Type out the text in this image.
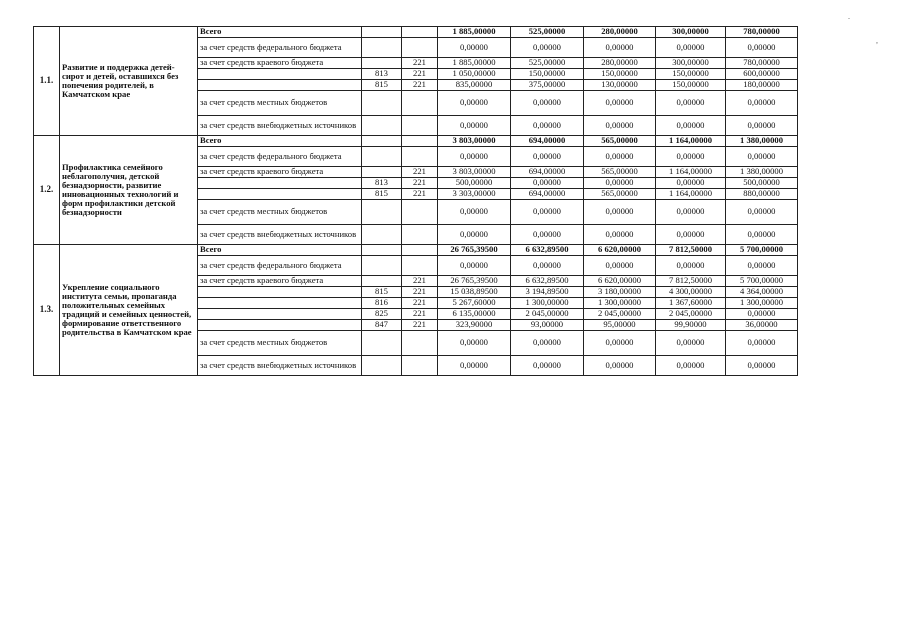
1.1.	Развитие и поддержка детей-сирот и детей, оставшихся без попечения родителей, в Камчатском крае	Всего			1 885,00000	525,00000	280,00000	300,00000	780,00000
		за счет средств федерального бюджета			0,00000	0,00000	0,00000	0,00000	0,00000
		за счет средств краевого бюджета		221	1 885,00000	525,00000	280,00000	300,00000	780,00000
			813	221	1 050,00000	150,00000	150,00000	150,00000	600,00000
			815	221	835,00000	375,00000	130,00000	150,00000	180,00000
		за счет средств местных бюджетов			0,00000	0,00000	0,00000	0,00000	0,00000
		за счет средств внебюджетных источников			0,00000	0,00000	0,00000	0,00000	0,00000
1.2.	Профилактика семейного неблагополучия, детской безнадзорности, развитие инновационных технологий и форм профилактики детской безнадзорности	Всего			3 803,00000	694,00000	565,00000	1 164,00000	1 380,00000
		за счет средств федерального бюджета			0,00000	0,00000	0,00000	0,00000	0,00000
		за счет средств краевого бюджета		221	3 803,00000	694,00000	565,00000	1 164,00000	1 380,00000
			813	221	500,00000	0,00000	0,00000	0,00000	500,00000
			815	221	3 303,00000	694,00000	565,00000	1 164,00000	880,00000
		за счет средств местных бюджетов			0,00000	0,00000	0,00000	0,00000	0,00000
		за счет средств внебюджетных источников			0,00000	0,00000	0,00000	0,00000	0,00000
1.3.	Укрепление социального института семьи, пропаганда положительных семейных традиций и семейных ценностей, формирование ответственного родительства в Камчатском крае	Всего			26 765,39500	6 632,89500	6 620,00000	7 812,50000	5 700,00000
		за счет средств федерального бюджета			0,00000	0,00000	0,00000	0,00000	0,00000
		за счет средств краевого бюджета		221	26 765,39500	6 632,89500	6 620,00000	7 812,50000	5 700,00000
			815	221	15 038,89500	3 194,89500	3 180,00000	4 300,00000	4 364,00000
			816	221	5 267,60000	1 300,00000	1 300,00000	1 367,60000	1 300,00000
			825	221	6 135,00000	2 045,00000	2 045,00000	2 045,00000	0,00000
			847	221	323,90000	93,00000	95,00000	99,90000	36,00000
		за счет средств местных бюджетов			0,00000	0,00000	0,00000	0,00000	0,00000
		за счет средств внебюджетных источников			0,00000	0,00000	0,00000	0,00000	0,00000
.
,
